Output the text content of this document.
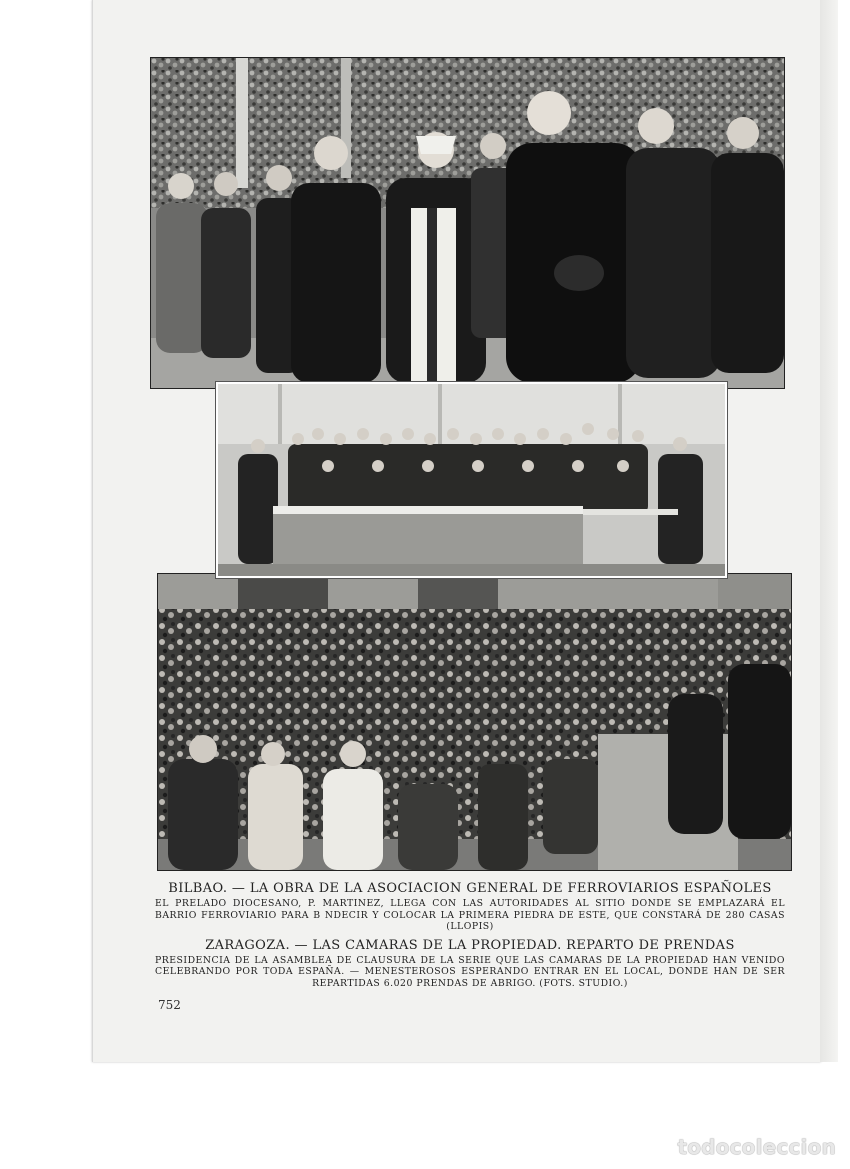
BILBAO. — LA OBRA DE LA ASOCIACION GENERAL DE FERROVIARIOS ESPAÑOLES

EL PRELADO DIOCESANO, P. MARTINEZ, LLEGA CON LAS AUTORIDADES AL SITIO DONDE SE EMPLAZARÁ EL BARRIO FERROVIARIO PARA B NDECIR Y COLOCAR LA PRIMERA PIEDRA DE ESTE, QUE CONSTARÁ DE 280 CASAS (LLOPIS)

ZARAGOZA. — LAS CAMARAS DE LA PROPIEDAD. REPARTO DE PRENDAS

PRESIDENCIA DE LA ASAMBLEA DE CLAUSURA DE LA SERIE QUE LAS CAMARAS DE LA PROPIEDAD HAN VENIDO CELEBRANDO POR TODA ESPAÑA. — MENESTEROSOS ESPERANDO ENTRAR EN EL LOCAL, DONDE HAN DE SER REPARTIDAS 6.020 PRENDAS DE ABRIGO. (FOTS. STUDIO.)

752
todocoleccion
